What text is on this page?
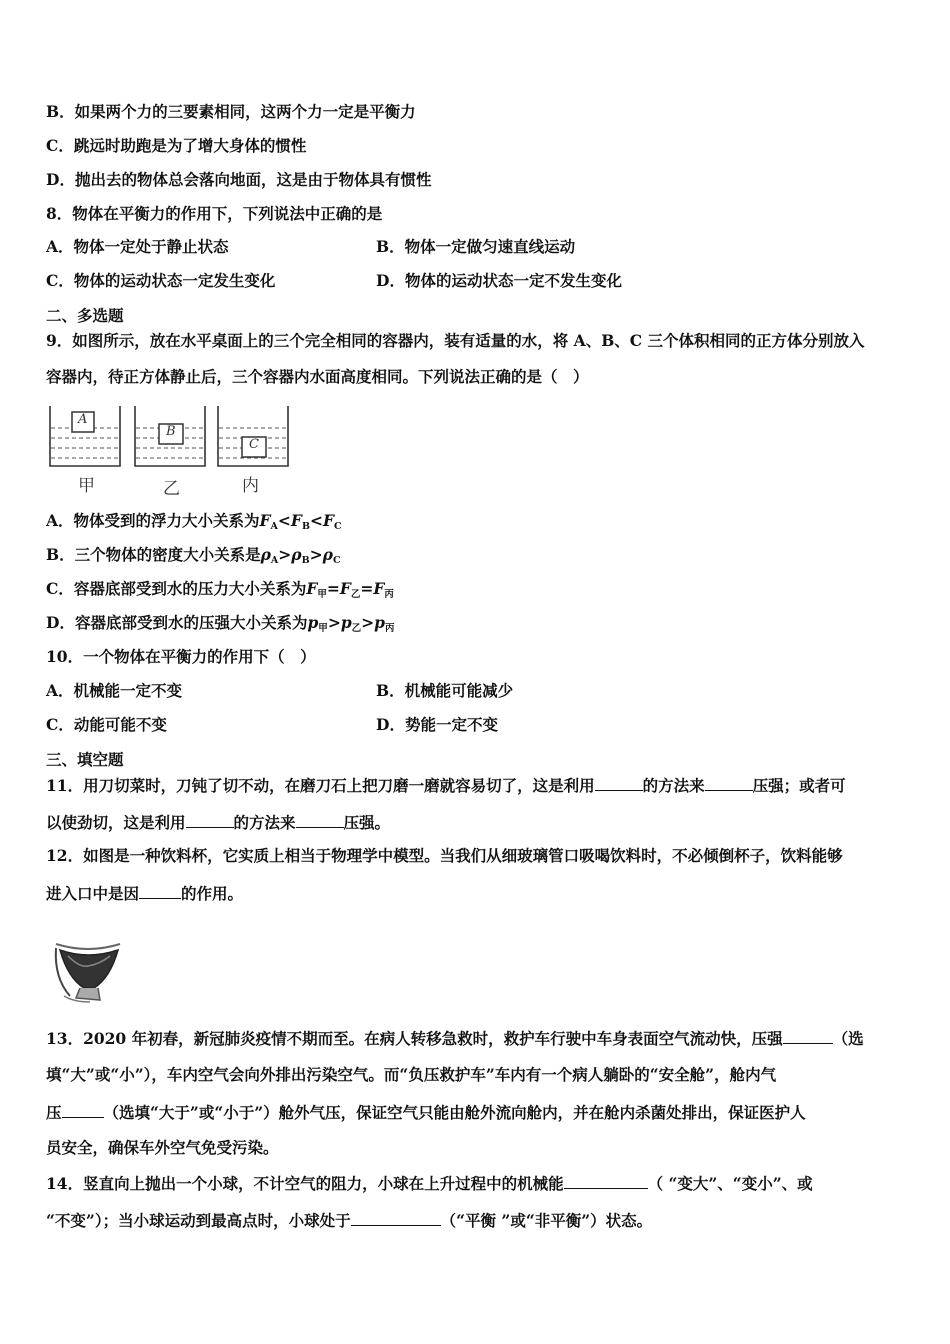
B．如果两个力的三要素相同，这两个力一定是平衡力
C．跳远时助跑是为了增大身体的惯性
D．抛出去的物体总会落向地面，这是由于物体具有惯性
8．物体在平衡力的作用下，下列说法中正确的是
A．物体一定处于静止状态	B．物体一定做匀速直线运动
C．物体的运动状态一定发生变化	D．物体的运动状态一定不发生变化
二、多选题
9．如图所示，放在水平桌面上的三个完全相同的容器内，装有适量的水，将 A、B、C 三个体积相同的正方体分别放入
容器内，待正方体静止后，三个容器内水面高度相同。下列说法正确的是（　）
A
B
C
甲	乙	内
A．物体受到的浮力大小关系为$F_A<F_B<F_C$
B．三个物体的密度大小关系是$\rho_A>\rho_B>\rho_C$
C．容器底部受到水的压力大小关系为$F_甲=F_乙=F_丙$
D．容器底部受到水的压强大小关系为$p_甲>p_乙>p_丙$
10．一个物体在平衡力的作用下（　）
A．机械能一定不变	B．机械能可能减少
C．动能可能不变	D．势能一定不变
三、填空题
11．用刀切菜时，刀钝了切不动，在磨刀石上把刀磨一磨就容易切了，这是利用	的方法来	压强；或者可
以使劲切，这是利用	的方法来	压强。
12．如图是一种饮料杯，它实质上相当于物理学中模型。当我们从细玻璃管口吸喝饮料时，不必倾倒杯子，饮料能够
进入口中是因	的作用。
13．2020 年初春，新冠肺炎疫情不期而至。在病人转移急救时，救护车行驶中车身表面空气流动快，压强	（选
填“大”或“小”），车内空气会向外排出污染空气。而“负压救护车”车内有一个病人躺卧的“安全舱”，舱内气
压	（选填“大于”或“小于”）舱外气压，保证空气只能由舱外流向舱内，并在舱内杀菌处排出，保证医护人
员安全，确保车外空气免受污染。
14．竖直向上抛出一个小球，不计空气的阻力，小球在上升过程中的机械能	（ “变大”、“变小”、或
“不变”）；当小球运动到最高点时，小球处于	（“平衡 ”或“非平衡”）状态。
